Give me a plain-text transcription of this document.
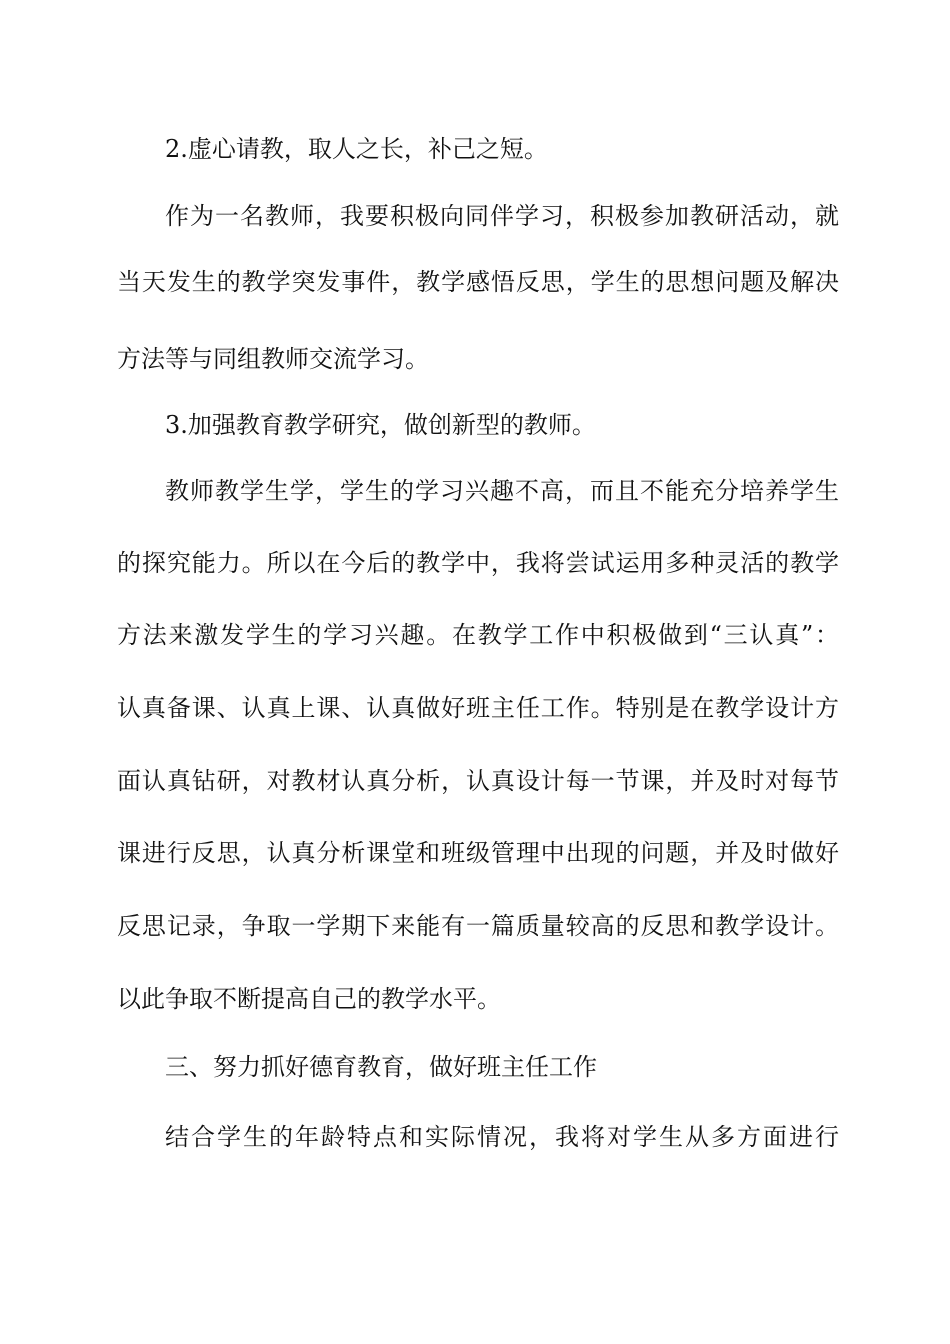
2.虚心请教，取人之长，补己之短。
作为一名教师，我要积极向同伴学习，积极参加教研活动，就
当天发生的教学突发事件，教学感悟反思，学生的思想问题及解决
方法等与同组教师交流学习。
3.加强教育教学研究，做创新型的教师。
教师教学生学，学生的学习兴趣不高，而且不能充分培养学生
的探究能力。所以在今后的教学中，我将尝试运用多种灵活的教学
方法来激发学生的学习兴趣。在教学工作中积极做到“三认真”：
认真备课、认真上课、认真做好班主任工作。特别是在教学设计方
面认真钻研，对教材认真分析，认真设计每一节课，并及时对每节
课进行反思，认真分析课堂和班级管理中出现的问题，并及时做好
反思记录，争取一学期下来能有一篇质量较高的反思和教学设计。
以此争取不断提高自己的教学水平。
三、努力抓好德育教育，做好班主任工作
结合学生的年龄特点和实际情况，我将对学生从多方面进行
